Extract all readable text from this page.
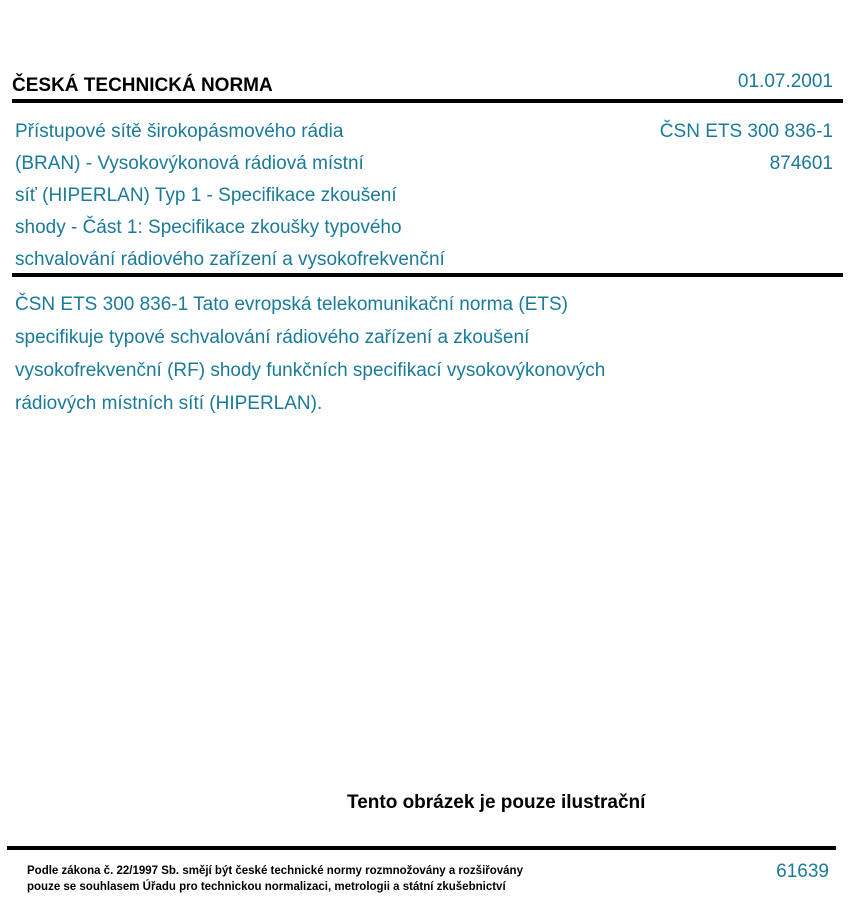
ČESKÁ TECHNICKÁ NORMA	01.07.2001
Přístupové sítě širokopásmového rádia
(BRAN) - Vysokovýkonová rádiová místní
síť (HIPERLAN) Typ 1 - Specifikace zkoušení
shody - Část 1: Specifikace zkoušky typového
schvalování rádiového zařízení a vysokofrekvenční
ČSN ETS 300 836-1
874601
ČSN ETS 300 836-1 Tato evropská telekomunikační norma (ETS)
specifikuje typové schvalování rádiového zařízení a zkoušení
vysokofrekvenční (RF) shody funkčních specifikací vysokovýkonových
rádiových místních sítí (HIPERLAN).
Tento obrázek je pouze ilustrační
Podle zákona č. 22/1997 Sb. smějí být české technické normy rozmnožovány a rozšiřovány
pouze se souhlasem Úřadu pro technickou normalizaci, metrologii a státní zkušebnictví
61639
